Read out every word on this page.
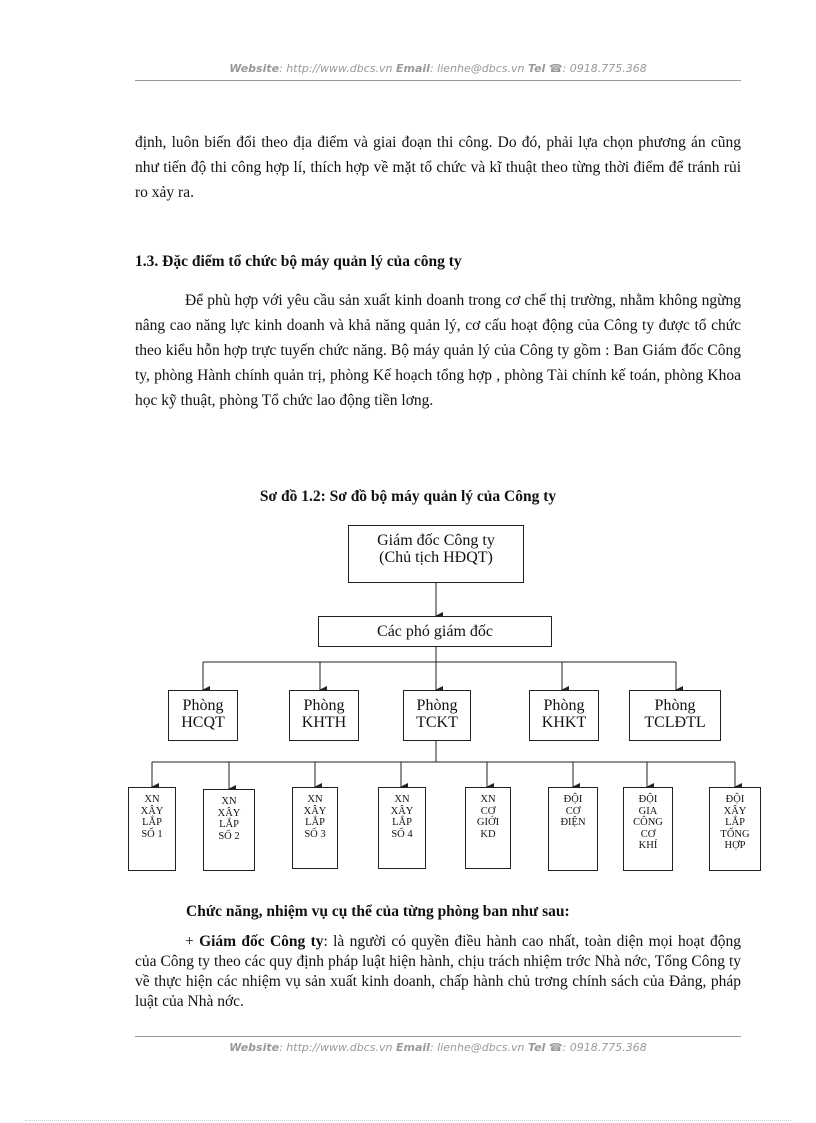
Website: http://www.dbcs.vn Email: lienhe@dbcs.vn Tel ☎: 0918.775.368
định, luôn biến đổi theo địa điểm và giai đoạn thi công. Do đó, phải lựa chọn phương án cũng như tiến độ thi công hợp lí, thích hợp về mặt tổ chức và kĩ thuật theo từng thời điểm để tránh rủi ro xảy ra.
1.3. Đặc điểm tổ chức bộ máy quản lý của công ty
Để phù hợp với yêu cầu sản xuất kinh doanh trong cơ chế thị trường, nhằm không ngừng nâng cao năng lực kinh doanh và khả năng quản lý, cơ cấu hoạt động của Công ty được tổ chức theo kiểu hỗn hợp trực tuyến chức năng. Bộ máy quản lý của Công ty gồm : Ban Giám đốc Công ty, phòng Hành chính quản trị, phòng Kế hoạch tổng hợp , phòng Tài chính kế toán, phòng Khoa học kỹ thuật, phòng Tổ chức lao động tiền lơng.
Sơ đồ 1.2: Sơ đồ bộ máy quản lý của Công ty
Giám đốc Công ty
(Chủ tịch HĐQT)
Các phó giám đốc
Phòng
HCQT
Phòng
KHTH
Phòng
TCKT
Phòng
KHKT
Phòng
TCLĐTL
XN
XÂY
LẮP
SỐ 1
XN
XÂY
LẮP
SỐ 2
XN
XÂY
LẮP
SỐ 3
XN
XÂY
LẮP
SỐ 4
XN
CƠ
GIỚI
KD
ĐỘI
CƠ
ĐIỆN
ĐỘI
GIA
CÔNG
CƠ
KHÍ
ĐỘI
XÂY
LẮP
TỔNG
HỢP
Chức năng, nhiệm vụ cụ thể của từng phòng ban như sau:
+ Giám đốc Công ty: là người có quyền điều hành cao nhất, toàn diện mọi hoạt động của Công ty theo các quy định pháp luật hiện hành, chịu trách nhiệm trớc Nhà nớc, Tổng Công ty về thực hiện các nhiệm vụ sản xuất kinh doanh, chấp hành chủ trơng chính sách của Đảng, pháp luật của Nhà nớc.
Website: http://www.dbcs.vn Email: lienhe@dbcs.vn Tel ☎: 0918.775.368
